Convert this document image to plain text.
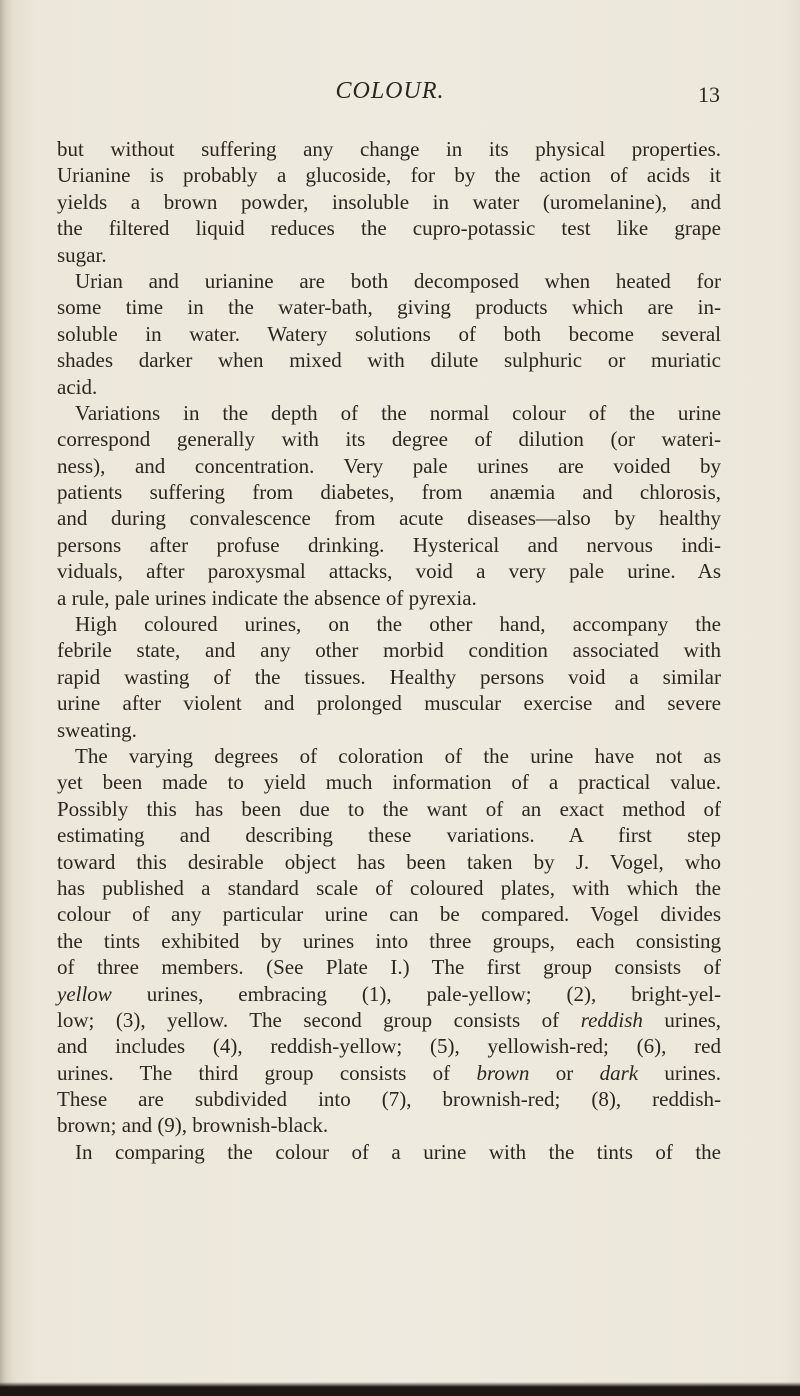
COLOUR.	13
but without suffering any change in its physical properties.
Urianine is probably a glucoside, for by the action of acids it
yields a brown powder, insoluble in water (uromelanine), and
the filtered liquid reduces the cupro-potassic test like grape
sugar.
Urian and urianine are both decomposed when heated for
some time in the water-bath, giving products which are in-
soluble in water. Watery solutions of both become several
shades darker when mixed with dilute sulphuric or muriatic
acid.
Variations in the depth of the normal colour of the urine
correspond generally with its degree of dilution (or wateri-
ness), and concentration. Very pale urines are voided by
patients suffering from diabetes, from anæmia and chlorosis,
and during convalescence from acute diseases—also by healthy
persons after profuse drinking. Hysterical and nervous indi-
viduals, after paroxysmal attacks, void a very pale urine. As
a rule, pale urines indicate the absence of pyrexia.
High coloured urines, on the other hand, accompany the
febrile state, and any other morbid condition associated with
rapid wasting of the tissues. Healthy persons void a similar
urine after violent and prolonged muscular exercise and severe
sweating.
The varying degrees of coloration of the urine have not as
yet been made to yield much information of a practical value.
Possibly this has been due to the want of an exact method of
estimating and describing these variations. A first step
toward this desirable object has been taken by J. Vogel, who
has published a standard scale of coloured plates, with which the
colour of any particular urine can be compared. Vogel divides
the tints exhibited by urines into three groups, each consisting
of three members. (See Plate I.) The first group consists of
yellow urines, embracing (1), pale-yellow; (2), bright-yel-
low; (3), yellow. The second group consists of reddish urines,
and includes (4), reddish-yellow; (5), yellowish-red; (6), red
urines. The third group consists of brown or dark urines.
These are subdivided into (7), brownish-red; (8), reddish-
brown; and (9), brownish-black.
In comparing the colour of a urine with the tints of the
